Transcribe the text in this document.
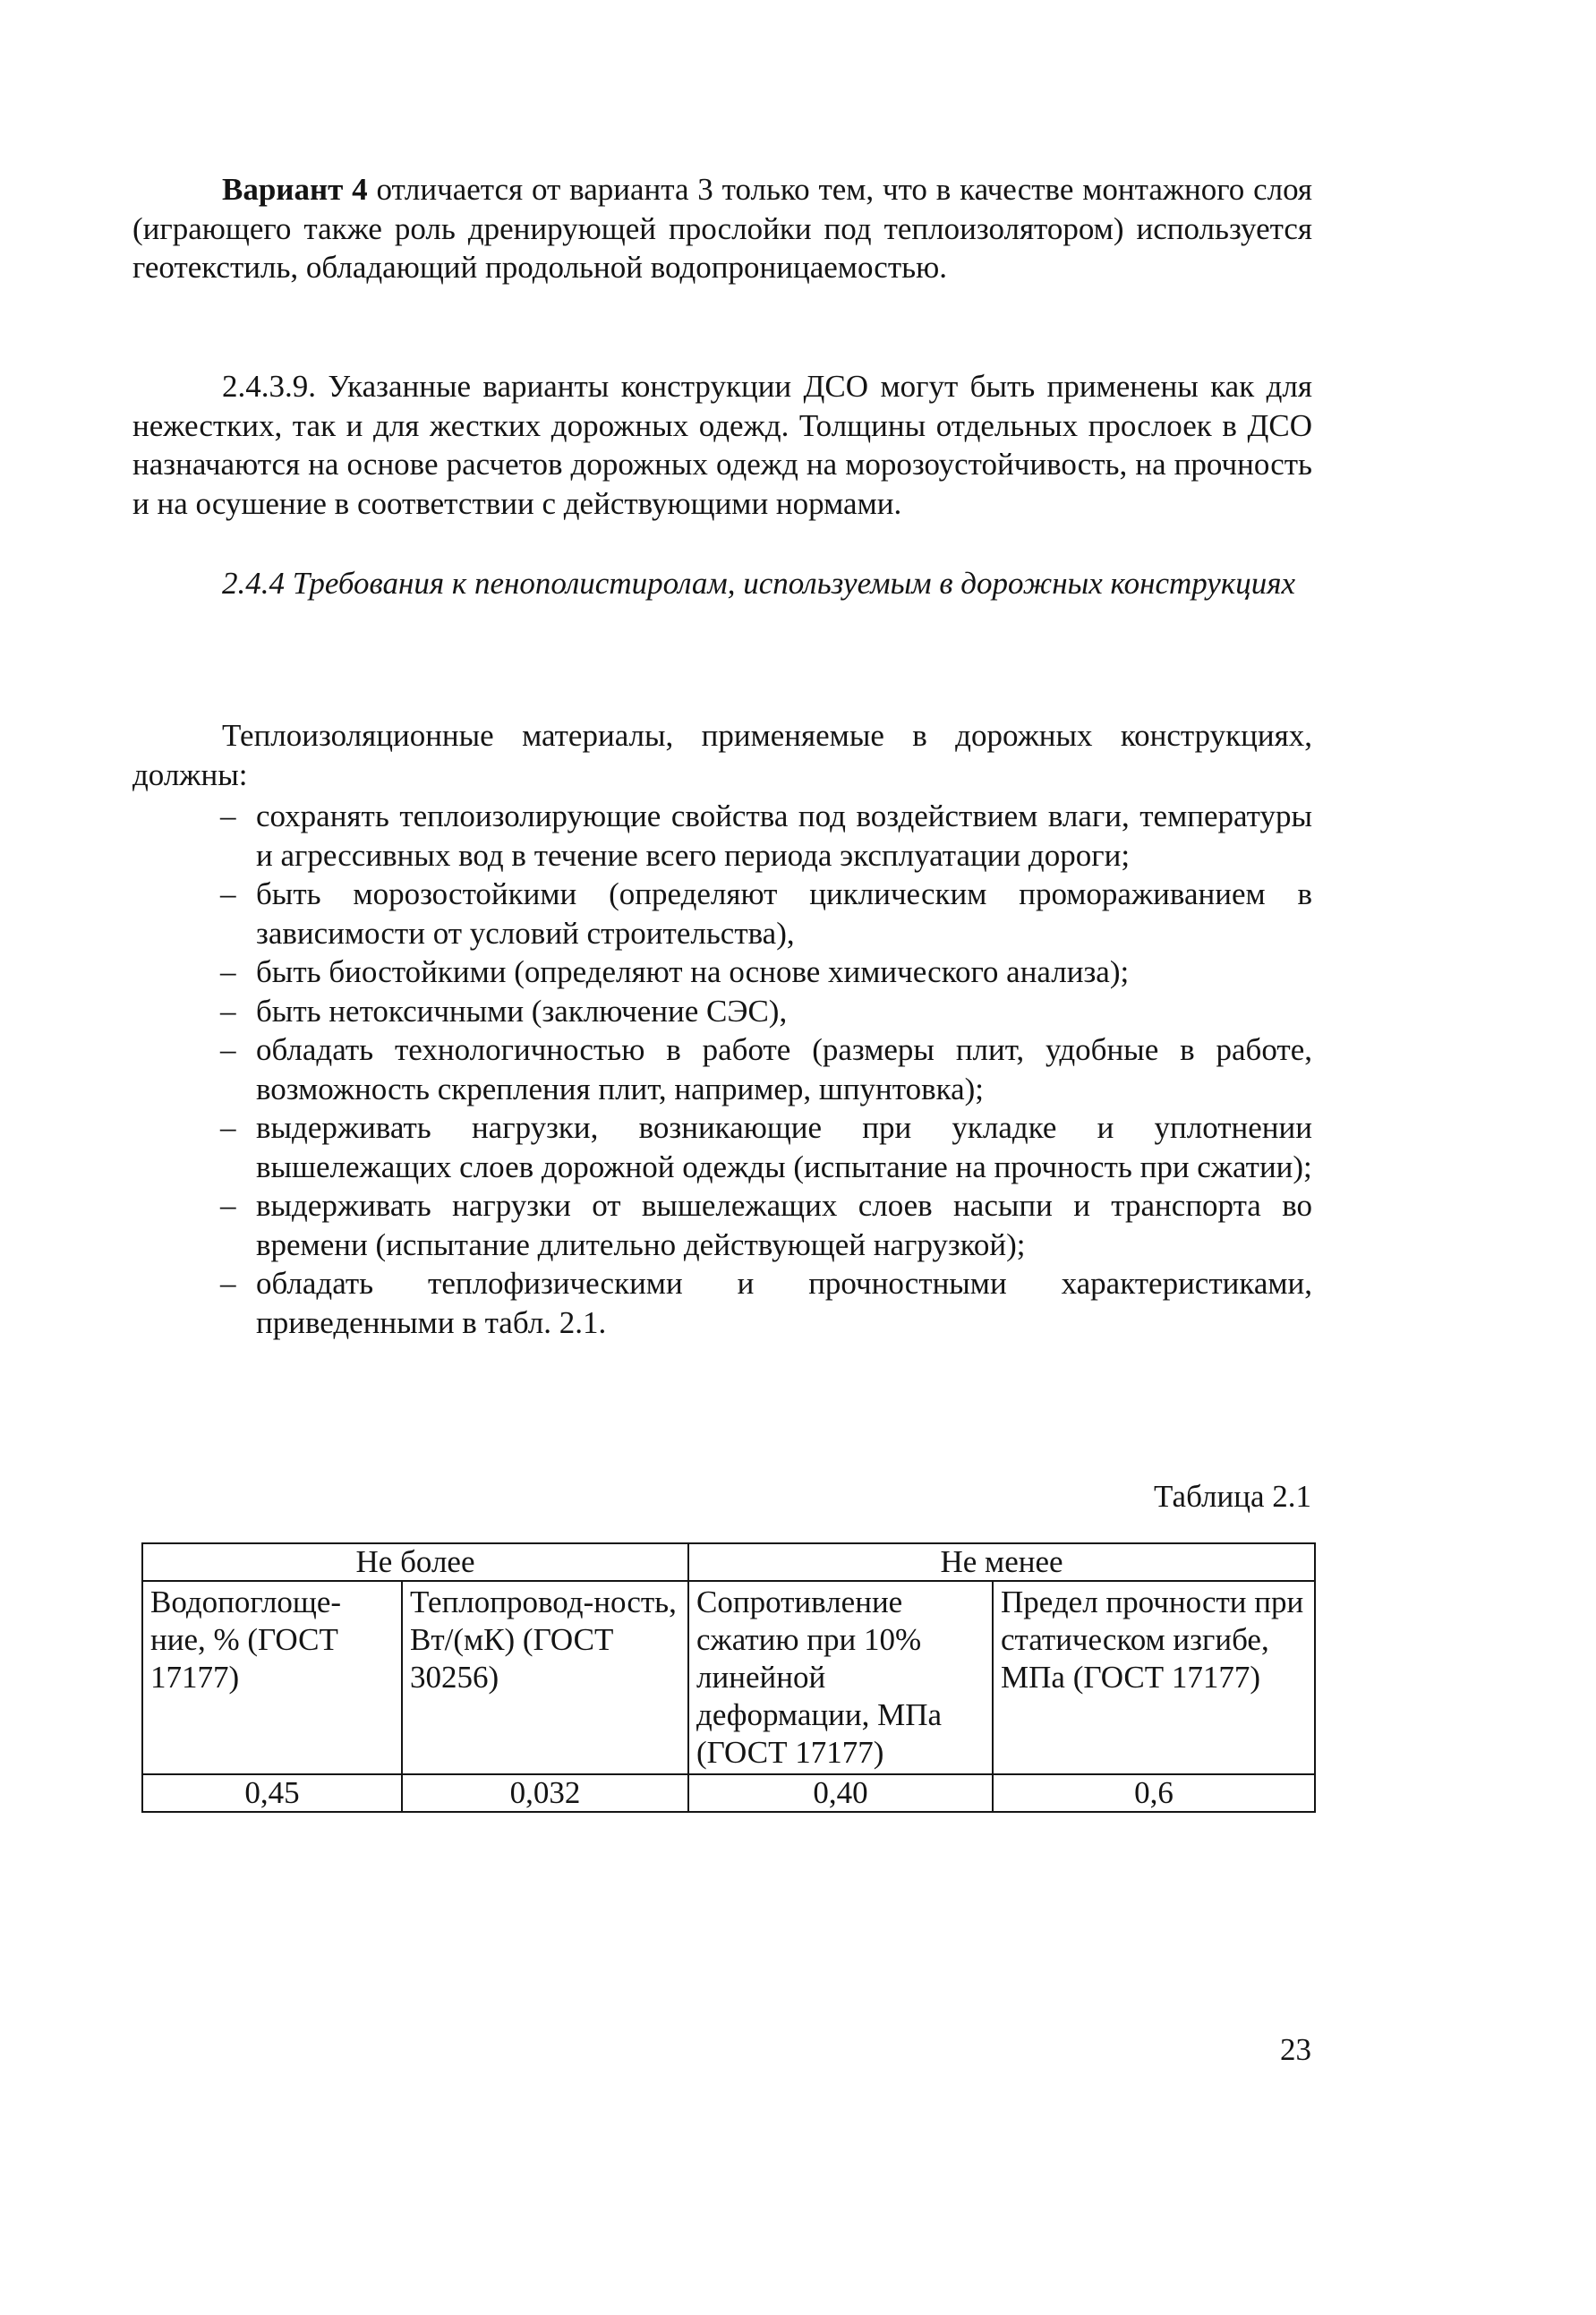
Вариант 4 отличается от варианта 3 только тем, что в качестве монтажного слоя (играющего также роль дренирующей прослойки под теплоизолятором) используется геотекстиль, обладающий продольной водопроницаемостью.

2.4.3.9. Указанные варианты конструкции ДСО могут быть применены как для нежестких, так и для жестких дорожных одежд. Толщины отдельных прослоек в ДСО назначаются на основе расчетов дорожных одежд на морозоустойчивость, на прочность и на осушение в соответствии с действующими нормами.

2.4.4 Требования к пенополистиролам, используемым в дорожных конструкциях

Теплоизоляционные материалы, применяемые в дорожных конструкциях, должны:

– сохранять теплоизолирующие свойства под воздействием влаги, температуры и агрессивных вод в течение всего периода эксплуатации дороги;
– быть морозостойкими (определяют циклическим промораживанием в зависимости от условий строительства),
– быть биостойкими (определяют на основе химического анализа);
– быть нетоксичными (заключение СЭС),
– обладать технологичностью в работе (размеры плит, удобные в работе, возможность скрепления плит, например, шпунтовка);
– выдерживать нагрузки, возникающие при укладке и уплотнении вышележащих слоев дорожной одежды (испытание на прочность при сжатии);
– выдерживать нагрузки от вышележащих слоев насыпи и транспорта во времени (испытание длительно действующей нагрузкой);
– обладать теплофизическими и прочностными характеристиками, приведенными в табл. 2.1.

Таблица 2.1

Не более		Не менее	
Водопоглоще-ние, % (ГОСТ 17177)	Теплопровод-ность, Вт/(мК) (ГОСТ 30256)	Сопротивление сжатию при 10% линейной деформации, МПа (ГОСТ 17177)	Предел прочности при статическом изгибе, МПа (ГОСТ 17177)
0,45	0,032	0,40	0,6

23
